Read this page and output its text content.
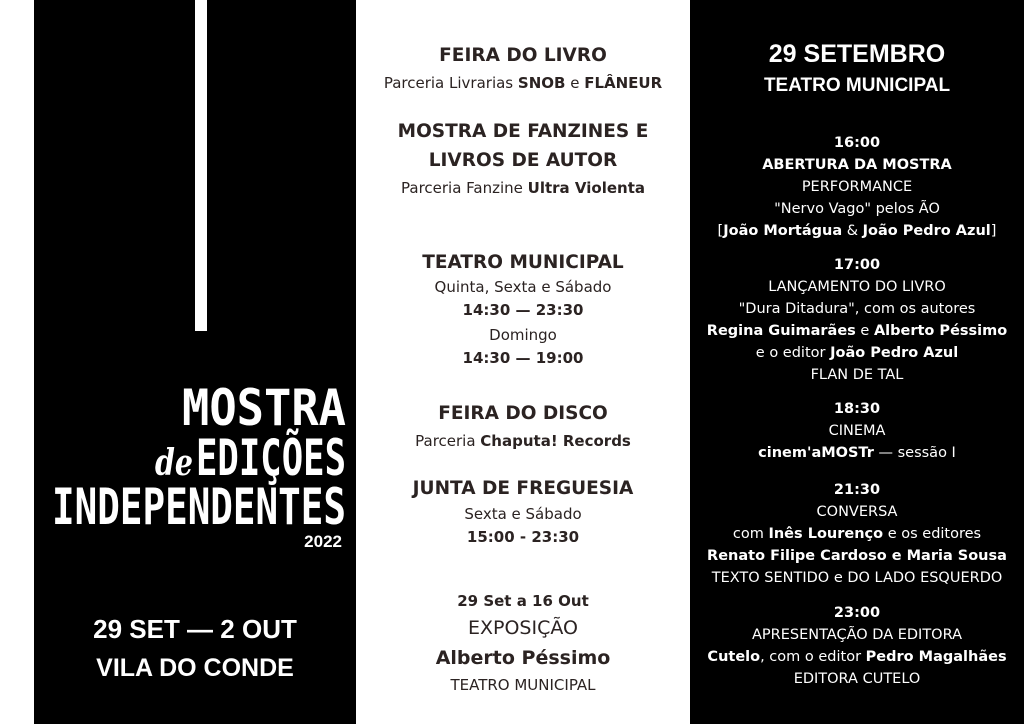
MOSTRA
de EDIÇÕES
INDEPENDENTES
2022
29 SET — 2 OUT
VILA DO CONDE
FEIRA DO LIVRO
Parceria Livrarias SNOB e FLÂNEUR
MOSTRA DE FANZINES E
LIVROS DE AUTOR
Parceria Fanzine Ultra Violenta
TEATRO MUNICIPAL
Quinta, Sexta e Sábado
14:30 — 23:30
Domingo
14:30 — 19:00
FEIRA DO DISCO
Parceria Chaputa! Records
JUNTA DE FREGUESIA
Sexta e Sábado
15:00 - 23:30
29 Set a 16 Out
EXPOSIÇÃO
Alberto Péssimo
TEATRO MUNICIPAL
29 SETEMBRO
TEATRO MUNICIPAL
16:00
ABERTURA DA MOSTRA
PERFORMANCE
"Nervo Vago" pelos ÃO
[João Mortágua & João Pedro Azul]
17:00
LANÇAMENTO DO LIVRO
"Dura Ditadura", com os autores
Regina Guimarães e Alberto Péssimo
e o editor João Pedro Azul
FLAN DE TAL
18:30
CINEMA
cinem'aMOSTr — sessão I
21:30
CONVERSA
com Inês Lourenço e os editores
Renato Filipe Cardoso e Maria Sousa
TEXTO SENTIDO e DO LADO ESQUERDO
23:00
APRESENTAÇÃO DA EDITORA
Cutelo, com o editor Pedro Magalhães
EDITORA CUTELO
